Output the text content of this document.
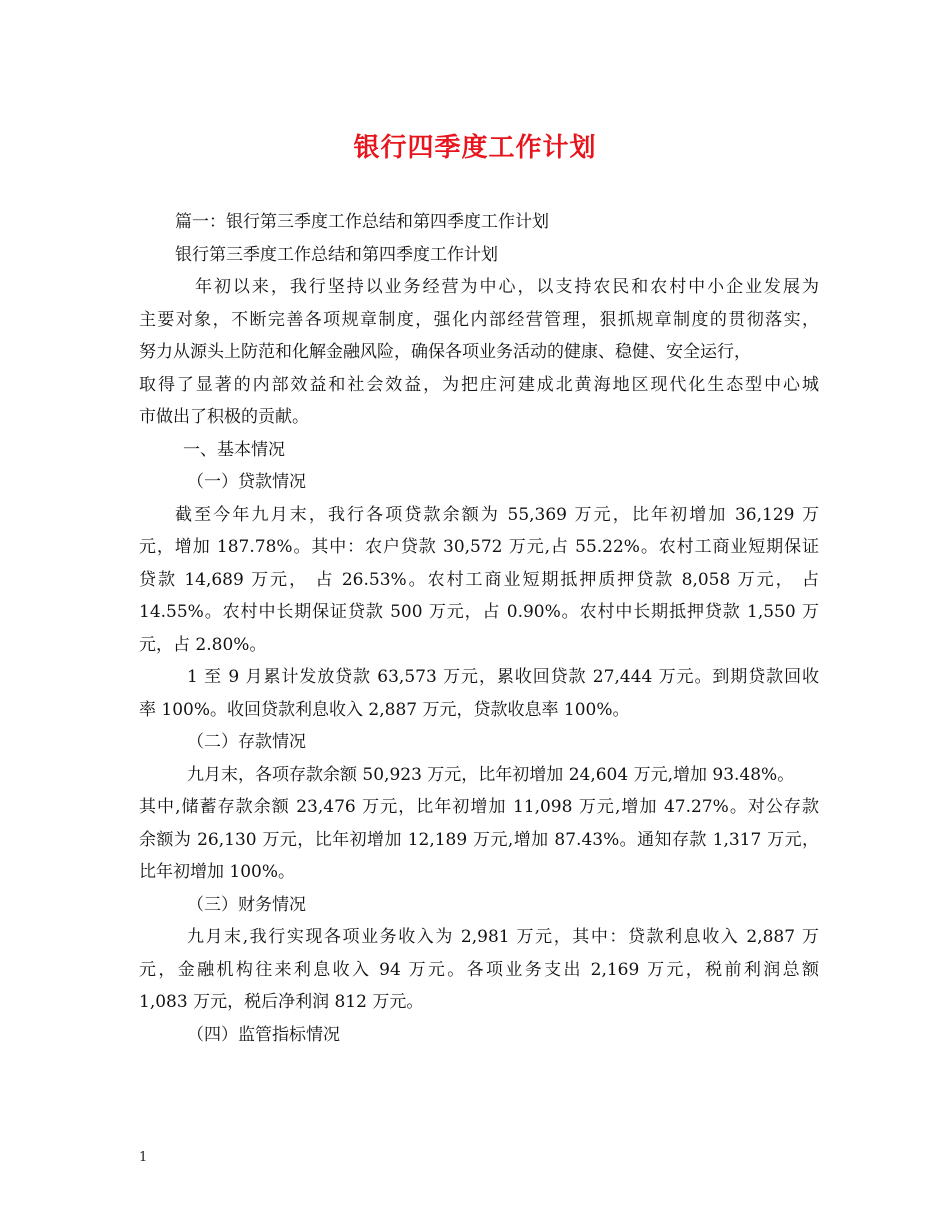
银行四季度工作计划
篇一：银行第三季度工作总结和第四季度工作计划
银行第三季度工作总结和第四季度工作计划
年初以来，我行坚持以业务经营为中心，以支持农民和农村中小企业发展为
主要对象，不断完善各项规章制度，强化内部经营管理，狠抓规章制度的贯彻落实，
努力从源头上防范和化解金融风险，确保各项业务活动的健康、稳健、安全运行，
取得了显著的内部效益和社会效益，为把庄河建成北黄海地区现代化生态型中心城
市做出了积极的贡献。
一、基本情况
（一）贷款情况
截至今年九月末，我行各项贷款余额为 55,369 万元，比年初增加 36,129 万
元，增加 187.78%。其中：农户贷款 30,572 万元,占 55.22%。农村工商业短期保证
贷款 14,689 万元， 占 26.53%。农村工商业短期抵押质押贷款 8,058 万元， 占
14.55%。农村中长期保证贷款 500 万元，占 0.90%。农村中长期抵押贷款 1,550 万
元，占 2.80%。
1 至 9 月累计发放贷款 63,573 万元，累收回贷款 27,444 万元。到期贷款回收
率 100%。收回贷款利息收入 2,887 万元，贷款收息率 100%。
（二）存款情况
九月末，各项存款余额 50,923 万元，比年初增加 24,604 万元,增加 93.48%。
其中,储蓄存款余额 23,476 万元，比年初增加 11,098 万元,增加 47.27%。对公存款
余额为 26,130 万元，比年初增加 12,189 万元,增加 87.43%。通知存款 1,317 万元，
比年初增加 100%。
（三）财务情况
九月末,我行实现各项业务收入为 2,981 万元，其中：贷款利息收入 2,887 万
元，金融机构往来利息收入 94 万元。各项业务支出 2,169 万元，税前利润总额
1,083 万元，税后净利润 812 万元。
（四）监管指标情况
1
